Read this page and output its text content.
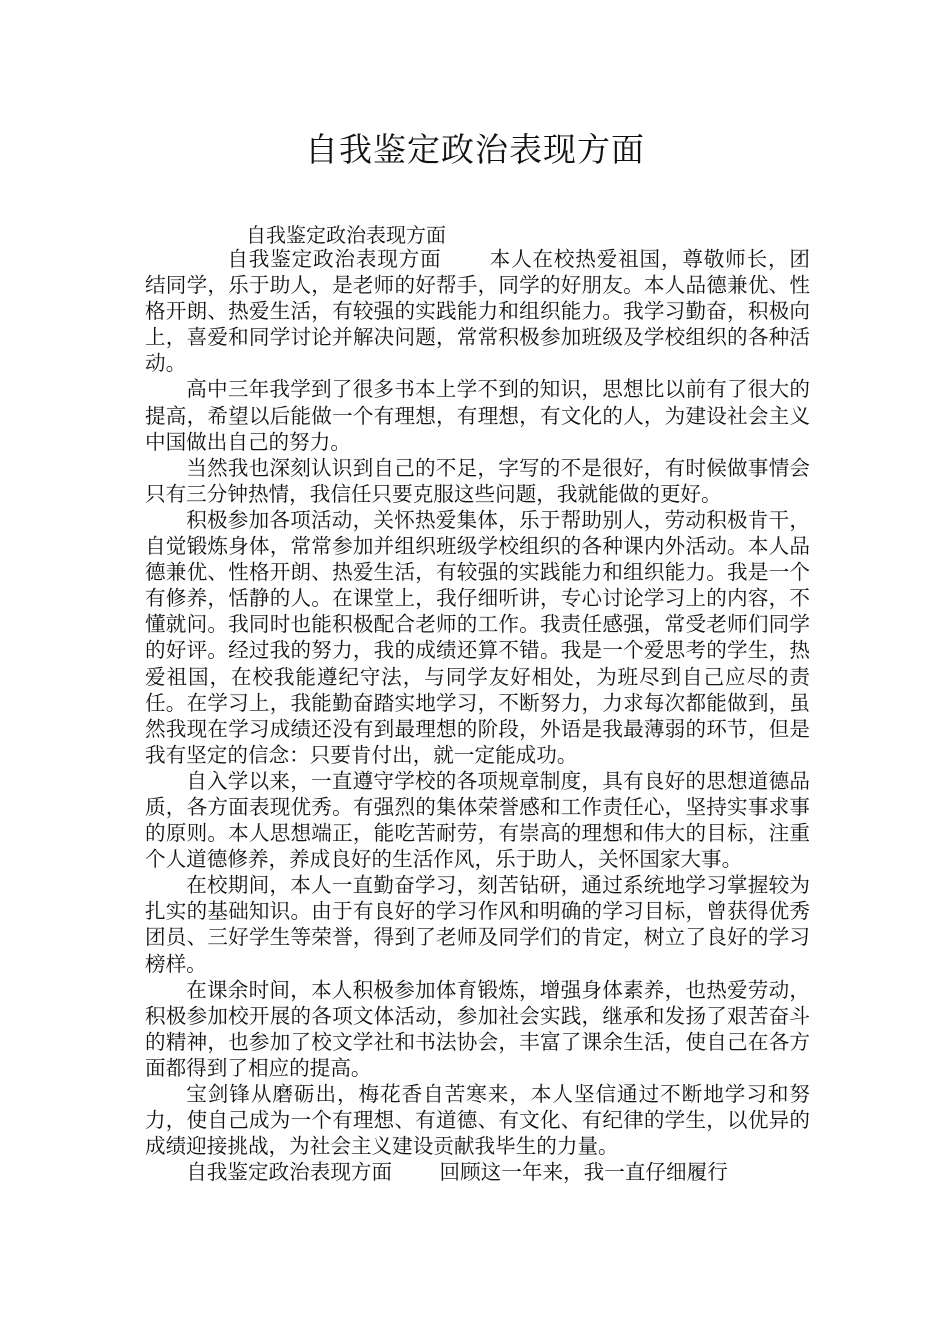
自我鉴定政治表现方面
自我鉴定政治表现方面

自我鉴定政治表现方面 本人在校热爱祖国，尊敬师长，团结同学，乐于助人，是老师的好帮手，同学的好朋友。本人品德兼优、性格开朗、热爱生活，有较强的实践能力和组织能力。我学习勤奋，积极向上，喜爱和同学讨论并解决问题，常常积极参加班级及学校组织的各种活动。

高中三年我学到了很多书本上学不到的知识，思想比以前有了很大的提高，希望以后能做一个有理想，有理想，有文化的人，为建设社会主义中国做出自己的努力。

当然我也深刻认识到自己的不足，字写的不是很好，有时候做事情会只有三分钟热情，我信任只要克服这些问题，我就能做的更好。

积极参加各项活动，关怀热爱集体，乐于帮助别人，劳动积极肯干，自觉锻炼身体，常常参加并组织班级学校组织的各种课内外活动。本人品德兼优、性格开朗、热爱生活，有较强的实践能力和组织能力。我是一个有修养，恬静的人。在课堂上，我仔细听讲，专心讨论学习上的内容，不懂就问。我同时也能积极配合老师的工作。我责任感强，常受老师们同学的好评。经过我的努力，我的成绩还算不错。我是一个爱思考的学生，热爱祖国，在校我能遵纪守法，与同学友好相处，为班尽到自己应尽的责任。在学习上，我能勤奋踏实地学习，不断努力，力求每次都能做到，虽然我现在学习成绩还没有到最理想的阶段，外语是我最薄弱的环节，但是我有坚定的信念：只要肯付出，就一定能成功。

自入学以来，一直遵守学校的各项规章制度，具有良好的思想道德品质，各方面表现优秀。有强烈的集体荣誉感和工作责任心，坚持实事求事的原则。本人思想端正，能吃苦耐劳，有崇高的理想和伟大的目标，注重个人道德修养，养成良好的生活作风，乐于助人，关怀国家大事。

在校期间，本人一直勤奋学习，刻苦钻研，通过系统地学习掌握较为扎实的基础知识。由于有良好的学习作风和明确的学习目标，曾获得优秀团员、三好学生等荣誉，得到了老师及同学们的肯定，树立了良好的学习榜样。

在课余时间，本人积极参加体育锻炼，增强身体素养，也热爱劳动，积极参加校开展的各项文体活动，参加社会实践，继承和发扬了艰苦奋斗的精神，也参加了校文学社和书法协会，丰富了课余生活，使自己在各方面都得到了相应的提高。

宝剑锋从磨砺出，梅花香自苦寒来，本人坚信通过不断地学习和努力，使自己成为一个有理想、有道德、有文化、有纪律的学生，以优异的成绩迎接挑战，为社会主义建设贡献我毕生的力量。

自我鉴定政治表现方面 回顾这一年来，我一直仔细履行
